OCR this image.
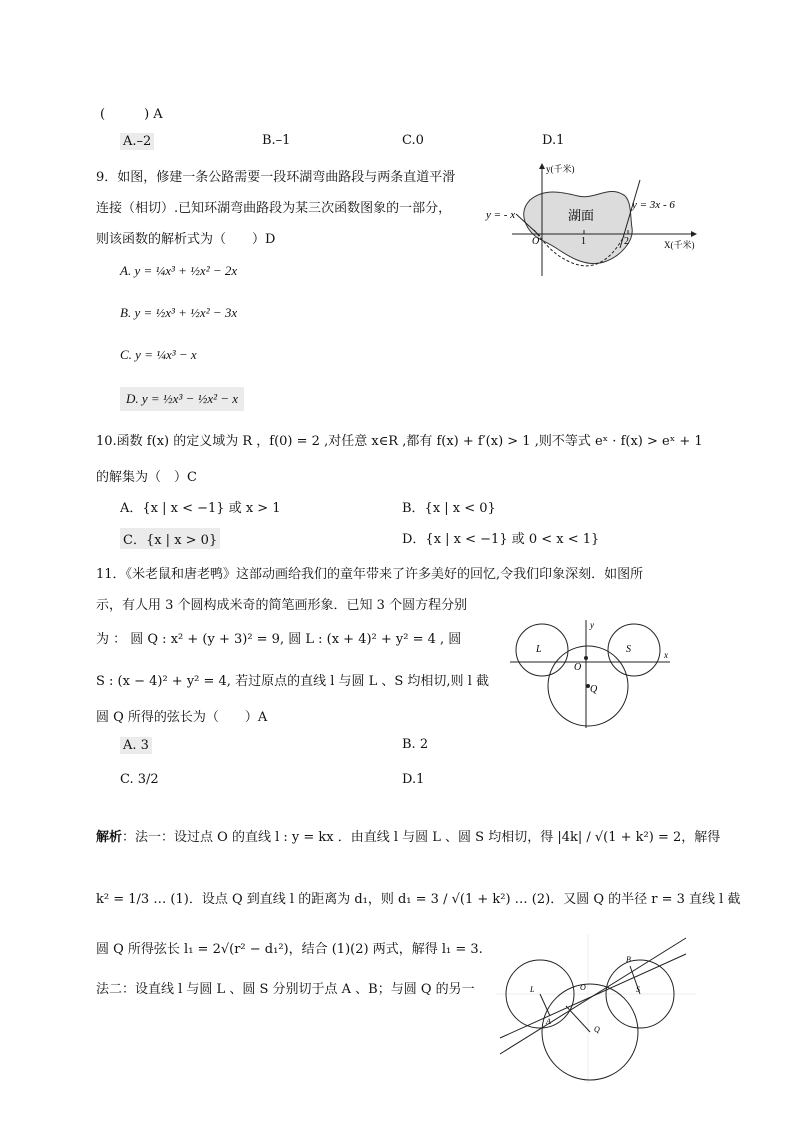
(　　　) A
A.–2	B.–1	C.0	D.1
9．如图，修建一条公路需要一段环湖弯曲路段与两条直道平滑
连接（相切）.已知环湖弯曲路段为某三次函数图象的一部分，
则该函数的解析式为（　　）D
A. y = ¼x³ + ½x² − 2x
B. y = ½x³ + ½x² − 3x
C. y = ¼x³ − x
D. y = ½x³ − ½x² − x
y(千米)
X(千米)
湖面
y = - x
y = 3x - 6
O	1	2
10.函数 f(x) 的定义域为 R ，f(0) = 2 ,对任意 x∈R ,都有 f(x) + f′(x) > 1 ,则不等式 eˣ · f(x) > eˣ + 1
的解集为（　）C
A．{x | x < −1} 或 x > 1	B．{x | x < 0}
C．{x | x > 0}	D．{x | x < −1} 或 0 < x < 1}
11．《米老鼠和唐老鸭》这部动画给我们的童年带来了许多美好的回忆,令我们印象深刻．如图所
示，有人用 3 个圆构成米奇的简笔画形象．已知 3 个圆方程分别
为 ： 圆 Q : x² + (y + 3)² = 9, 圆 L : (x + 4)² + y² = 4 , 圆
S : (x − 4)² + y² = 4, 若过原点的直线 l 与圆 L 、S 均相切,则 l 截
圆 Q 所得的弦长为（　　）A
A. 3	B. 2
C. 3/2	D.1
L	S
O
Q
x
y
解析：法一：设过点 O 的直线 l : y = kx ．由直线 l 与圆 L 、圆 S 均相切，得 |4k| / √(1 + k²) = 2，解得
k² = 1/3 … (1)．设点 Q 到直线 l 的距离为 d₁，则 d₁ = 3 / √(1 + k²) … (2)．又圆 Q 的半径 r = 3 直线 l 截
圆 Q 所得弦长 l₁ = 2√(r² − d₁²)，结合 (1)(2) 两式，解得 l₁ = 3.
法二：设直线 l 与圆 L 、圆 S 分别切于点 A 、B；与圆 Q 的另一
A
B
L	S
Q
O
